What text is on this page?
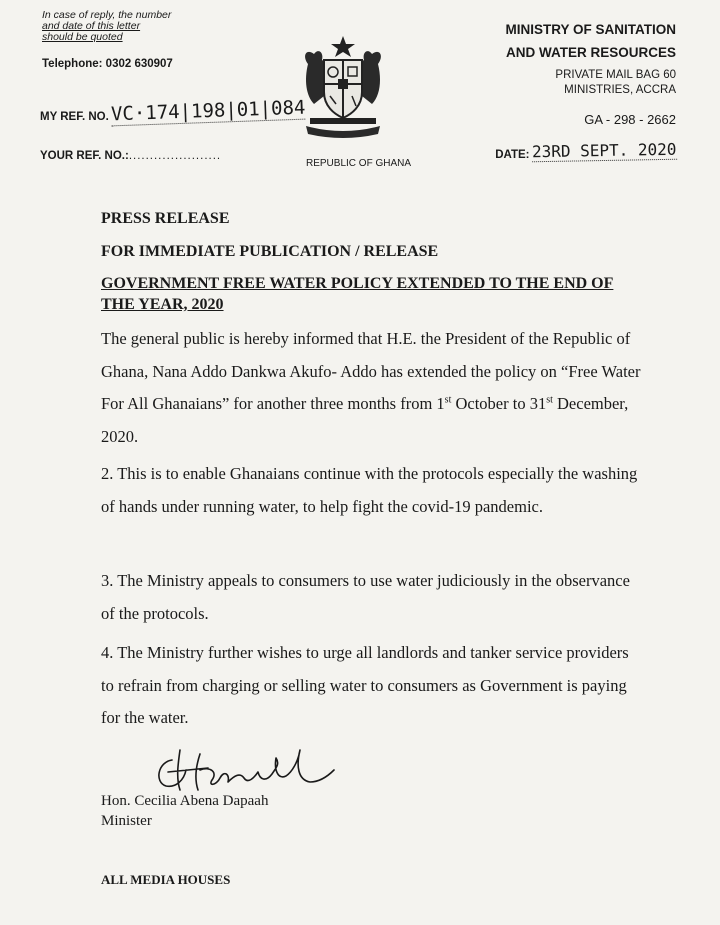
In case of reply, the number
and date of this letter
should be quoted
Telephone: 0302 630907
MY REF. NO. VC·174|198|01|084
YOUR REF. NO.:......................
REPUBLIC OF GHANA
MINISTRY OF SANITATION
AND WATER RESOURCES
PRIVATE MAIL BAG 60
MINISTRIES, ACCRA
GA - 298 - 2662
DATE: 23RD SEPT. 2020
PRESS RELEASE
FOR IMMEDIATE PUBLICATION / RELEASE
GOVERNMENT FREE WATER POLICY EXTENDED TO THE END OF THE YEAR, 2020
The general public is hereby informed that H.E. the President of the Republic of Ghana, Nana Addo Dankwa Akufo- Addo has extended the policy on “Free Water For All Ghanaians” for another three months from 1st October to 31st December, 2020.
2. This is to enable Ghanaians continue with the protocols especially the washing of hands under running water, to help fight the covid-19 pandemic.
3. The Ministry appeals to consumers to use water judiciously in the observance of the protocols.
4. The Ministry further wishes to urge all landlords and tanker service providers to refrain from charging or selling water to consumers as Government is paying for the water.
Hon. Cecilia Abena Dapaah
Minister
ALL MEDIA HOUSES
